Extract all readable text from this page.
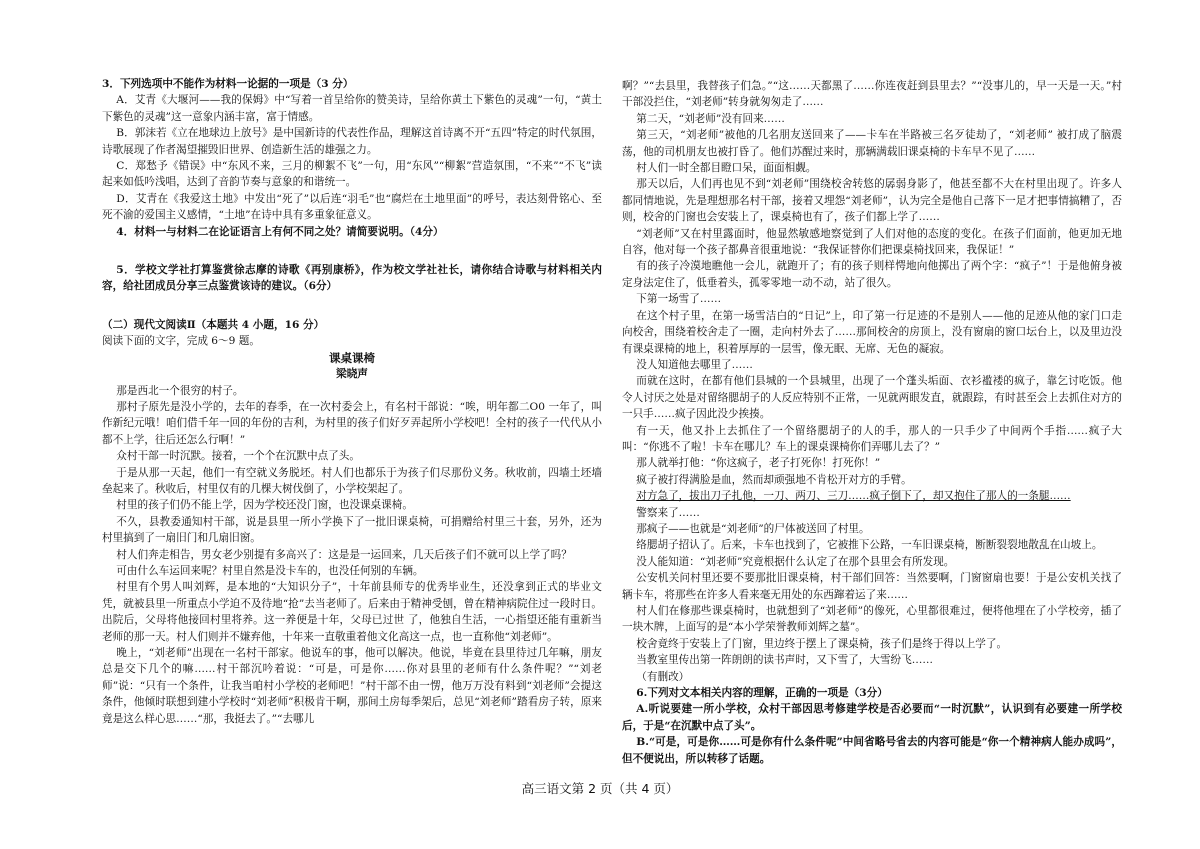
3．下列选项中不能作为材料一论据的一项是（3 分）

A．艾青《大堰河——我的保姆》中“写着一首呈给你的赞美诗，呈给你黄土下紫色的灵魂”一句，“黄土下紫色的灵魂”这一意象内涵丰富，富于情感。

B．郭沫若《立在地球边上放号》是中国新诗的代表性作品，理解这首诗离不开“五四”特定的时代氛围，诗歌展现了作者渴望摧毁旧世界、创造新生活的雄强之力。

C．郑愁予《错误》中“东风不来，三月的柳絮不飞”一句，用“东风”“柳絮”营造氛围，“不来”“不飞”读起来如低吟浅唱，达到了音韵节奏与意象的和谐统一。

D．艾青在《我爱这土地》中发出“死了”以后连“羽毛”也“腐烂在土地里面”的呼号，表达刻骨铭心、至死不渝的爱国主义感情，“土地”在诗中具有多重象征意义。

4．材料一与材料二在论证语言上有何不同之处？请简要说明。（4分）

5．学校文学社打算鉴赏徐志摩的诗歌《再别康桥》，作为校文学社社长，请你结合诗歌与材料相关内容，给社团成员分享三点鉴赏该诗的建议。（6分）

（二）现代文阅读Ⅱ（本题共 4 小题，16 分）

阅读下面的文字，完成 6～9 题。

课桌课椅

梁晓声

那是西北一个很穷的村子。

那村子原先是没小学的，去年的春季，在一次村委会上，有名村干部说：“唉，明年都二O0 一年了，叫作新纪元哦！咱们借千年一回的年份的吉利，为村里的孩子们好歹弄起所小学校吧！全村的孩子一代代从小都不上学，往后还怎么行啊！”

众村干部一时沉默。接着，一个个在沉默中点了头。

于是从那一天起，他们一有空就义务脱坯。村人们也都乐于为孩子们尽那份义务。秋收前，四墙土坯墙垒起来了。秋收后，村里仅有的几棵大树伐倒了，小学校架起了。

村里的孩子们仍不能上学，因为学校还没门窗，也没课桌课椅。

不久，县教委通知村干部，说是县里一所小学换下了一批旧课桌椅，可捐赠给村里三十套，另外，还为村里搞到了一扇旧门和几扇旧窗。

村人们奔走相告，男女老少别提有多高兴了：这是是一运回来，几天后孩子们不就可以上学了吗？

可由什么车运回来呢？村里自然是没卡车的，也没任何别的车辆。

村里有个男人叫刘辉，是本地的“大知识分子”，十年前县师专的优秀毕业生，还没拿到正式的毕业文凭，就被县里一所重点小学迫不及待地“抢”去当老师了。后来由于精神受刨，曾在精神病院住过一段时日。出院后，父母将他接回村里将养。这一养便是十年，父母已过世 了，他独自生活，一心指望还能有重新当老师的那一天。村人们则并不嫌弃他，十年来一直敬重着他文化高这一点，也一直称他“刘老师”。

晚上，“刘老师”出现在一名村干部家。他说车的事，他可以解决。他说，毕竟在县里待过几年嘛，朋友总是交下几个的嘛……村干部沉吟着说：“可是，可是你……你对县里的老师有什么条件呢？”“刘老师”说：“只有一个条件，让我当咱村小学校的老师吧！”村干部不由一愣，他万万没有料到“刘老师”会提这条件，他倾时联想到建小学校时“刘老师”积极肯干啊，那间土房每季架后，总见“刘老师”踏看房子转，原来竟是这么样心思……“那，我挺去了。”“去哪儿

啊？”“去县里，我替孩子们急。”“这……天都黑了……你连夜赶到县里去？”“没事儿的，早一天是一天。”村干部没拦住，“刘老师”转身就匆匆走了……

第二天，“刘老师”没有回来……

第三天，“刘老师”被他的几名朋友送回来了——卡车在半路被三名歹徒劫了，“刘老师” 被打成了脑震荡，他的司机朋友也被打昏了。他们苏醒过来时，那辆满载旧课桌椅的卡车早不见了……

村人们一时全都目瞪口呆，面面相觑。

那天以后，人们再也见不到“刘老师”围绕校舍转悠的孱弱身影了，他甚至都不大在村里出现了。许多人都同情地说，先是理想那名村干部，接着又埋怨“刘老师”，认为完全是他自己落下一足才把事情搞糟了，否则，校舍的门窗也会安装上了，课桌椅也有了，孩子们都上学了……

“刘老师”又在村里露面时，他显然敏感地察觉到了人们对他的态度的变化。在孩子们面前，他更加无地自容，他对每一个孩子都鼻音很重地说：“我保证替你们把课桌椅找回来，我保证！”

有的孩子冷漠地瞧他一会儿，就跑开了；有的孩子则样愕地向他掷出了两个字：“疯子”！于是他俯身被定身法定住了，低垂着头，孤零零地一动不动，站了很久。

下第一场雪了……

在这个村子里，在第一场雪洁白的“日记”上，印了第一行足迹的不是别人——他的足迹从他的家门口走向校舍，围绕着校舍走了一圈，走向村外去了……那间校舍的房顶上，没有窗扇的窗口坛台上，以及里边没有课桌课椅的地上，积着厚厚的一层雪，像无眠、无席、无色的凝寂。

没人知道他去哪里了……

而就在这时，在都有他们县城的一个县城里，出现了一个蓬头垢面、衣衫褴褛的疯子，靠乞讨吃饭。他令人讨厌之处是对留络腮胡子的人反应特别不正常，一见就两眼发直，就跟踪，有时甚至会上去抓住对方的一只手……疯子因此没少挨揍。

有一天，他又扑上去抓住了一个留络腮胡子的人的手，那人的一只手少了中间两个手指……疯子大叫：“你逃不了啦！卡车在哪儿？车上的课桌课椅你们弄哪儿去了？”

那人就举打他：“你这疯子，老子打死你！打死你！”

疯子被打得满脸是血，然而却顽强地不肯松开对方的手臂。

对方急了，拔出刀子扎他，一刀、两刀、三刀……疯子倒下了，却又抱住了那人的一条腿……

警察来了……

那疯子——也就是“刘老师”的尸体被送回了村里。

络腮胡子招认了。后来，卡车也找到了，它被推下公路，一车旧课桌椅，断断裂裂地散乱在山坡上。

没人能知道：“刘老师”究竟根据什么认定了在那个县里会有所发现。

公安机关问村里还要不要那批旧课桌椅，村干部们回答：当然要啊，门窗窗扇也要！于是公安机关找了辆卡车，将那些在许多人看来毫无用处的东西蹿着运了来……

村人们在修那些课桌椅时，也就想到了“刘老师”的像死，心里都很难过，便将他埋在了小学校旁，插了一块木牌，上面写的是“本小学荣誉教师刘辉之墓”。

校舍竟终于安装上了门窗，里边终于摆上了课桌椅，孩子们是终于得以上学了。

当教室里传出第一阵朗朗的读书声时，又下雪了，大雪纷飞……

（有删改）

6.下列对文本相关内容的理解，正确的一项是（3分）

A.听说要建一所小学校，众村干部因思考修建学校是否必要而“一时沉默”，认识到有必要建一所学校后，于是“在沉默中点了头”。

B.“可是，可是你……可是你有什么条件呢”中间省略号省去的内容可能是“你一个精神病人能办成吗”，但不便说出，所以转移了话题。

高三语文第 2 页（共 4 页）
